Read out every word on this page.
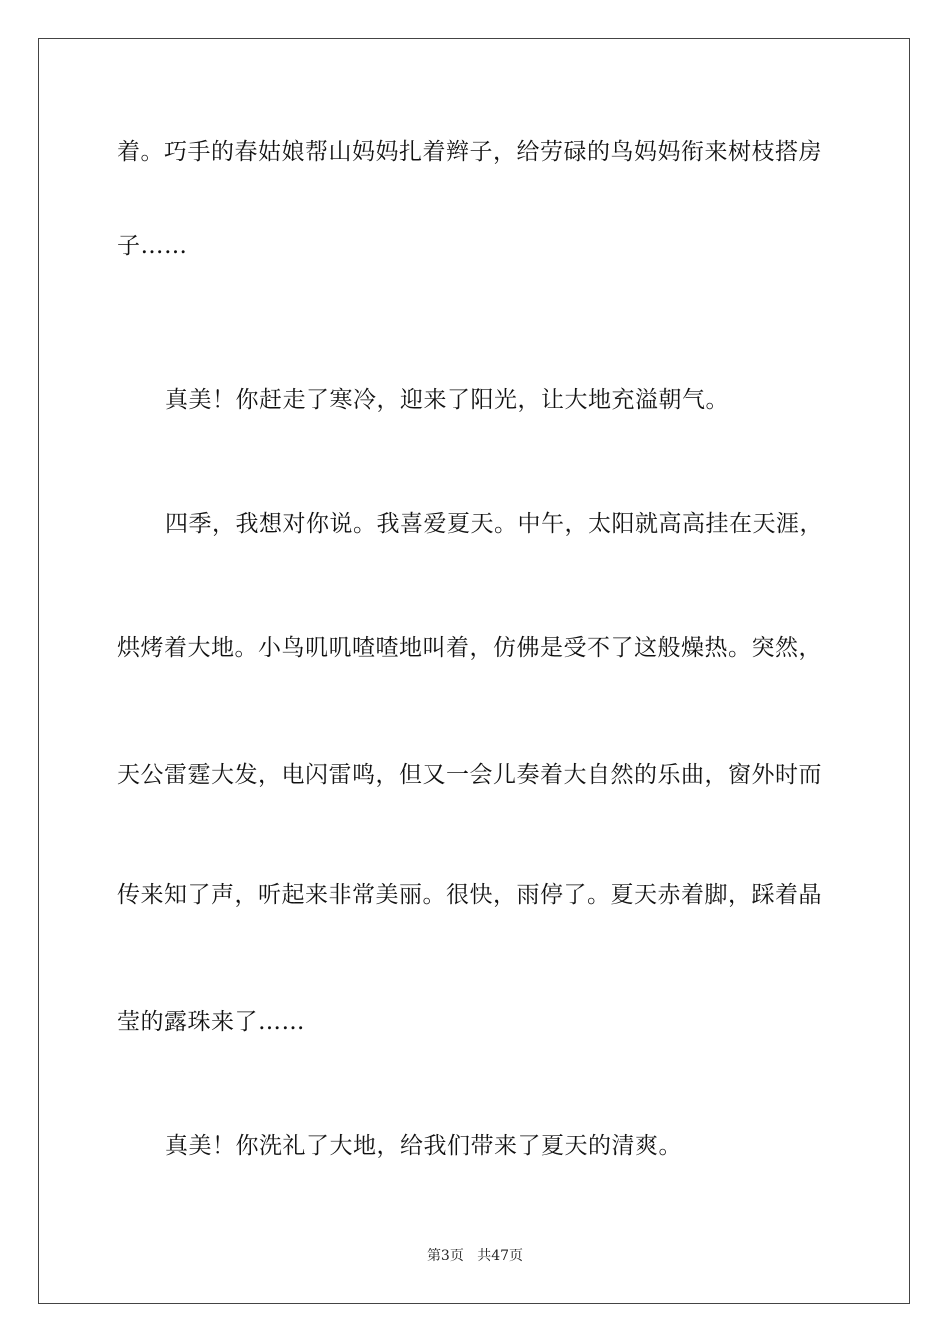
着。巧手的春姑娘帮山妈妈扎着辫子，给劳碌的鸟妈妈衔来树枝搭房
子……
真美！你赶走了寒冷，迎来了阳光，让大地充溢朝气。
四季，我想对你说。我喜爱夏天。中午，太阳就高高挂在天涯，
烘烤着大地。小鸟叽叽喳喳地叫着，仿佛是受不了这般燥热。突然，
天公雷霆大发，电闪雷鸣，但又一会儿奏着大自然的乐曲，窗外时而
传来知了声，听起来非常美丽。很快，雨停了。夏天赤着脚，踩着晶
莹的露珠来了……
真美！你洗礼了大地，给我们带来了夏天的清爽。
第3页 共47页
